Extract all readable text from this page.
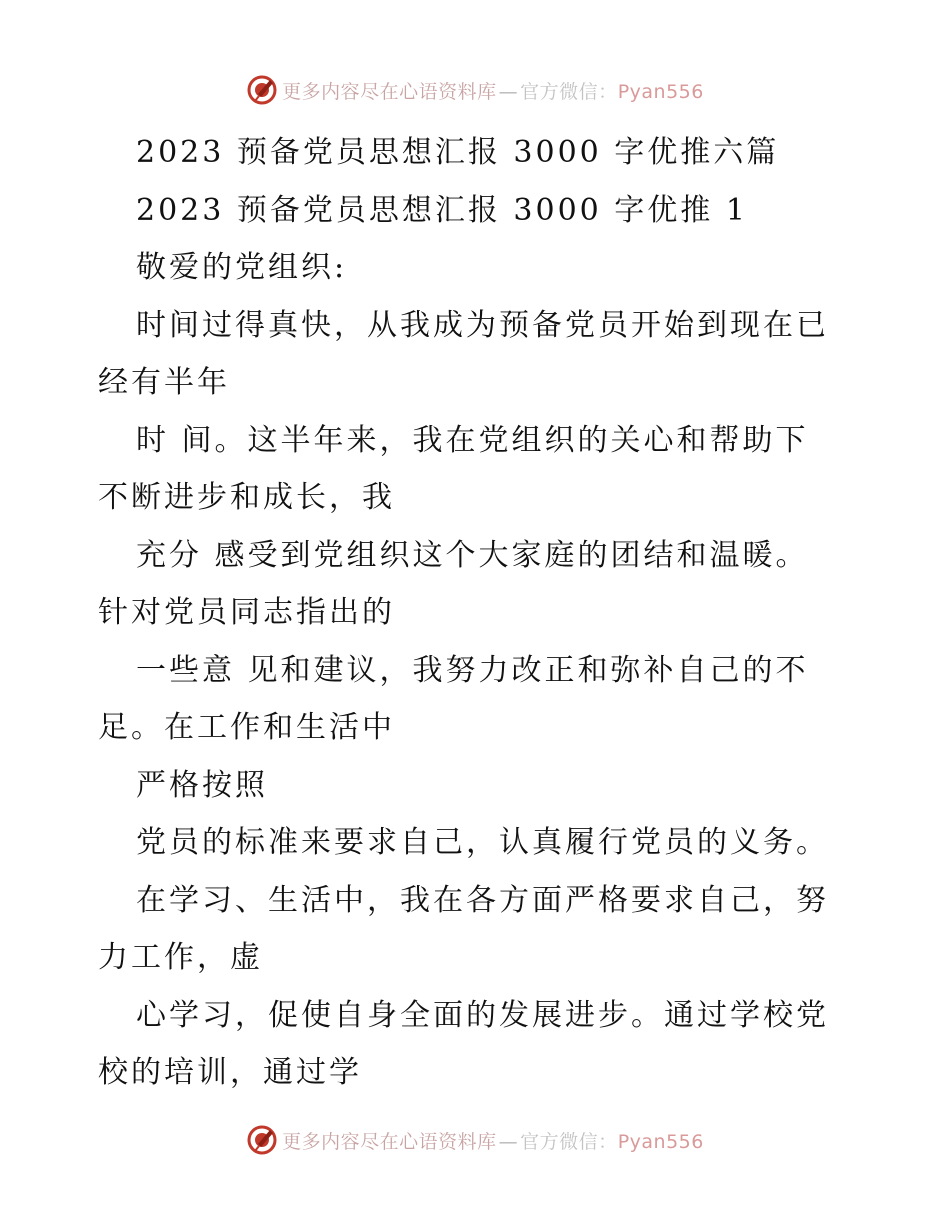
更多内容尽在心语资料库 — 官方微信：Pyan556
2023 预备党员思想汇报 3000 字优推六篇
2023 预备党员思想汇报 3000 字优推 1
敬爱的党组织:
时间过得真快，从我成为预备党员开始到现在已
经有半年
时 间。这半年来，我在党组织的关心和帮助下
不断进步和成长，我
充分 感受到党组织这个大家庭的团结和温暖。
针对党员同志指出的
一些意 见和建议，我努力改正和弥补自己的不
足。在工作和生活中
严格按照
党员的标准来要求自己，认真履行党员的义务。
在学习、生活中，我在各方面严格要求自己，努
力工作，虚
心学习，促使自身全面的发展进步。通过学校党
校的培训，通过学
更多内容尽在心语资料库 — 官方微信：Pyan556
